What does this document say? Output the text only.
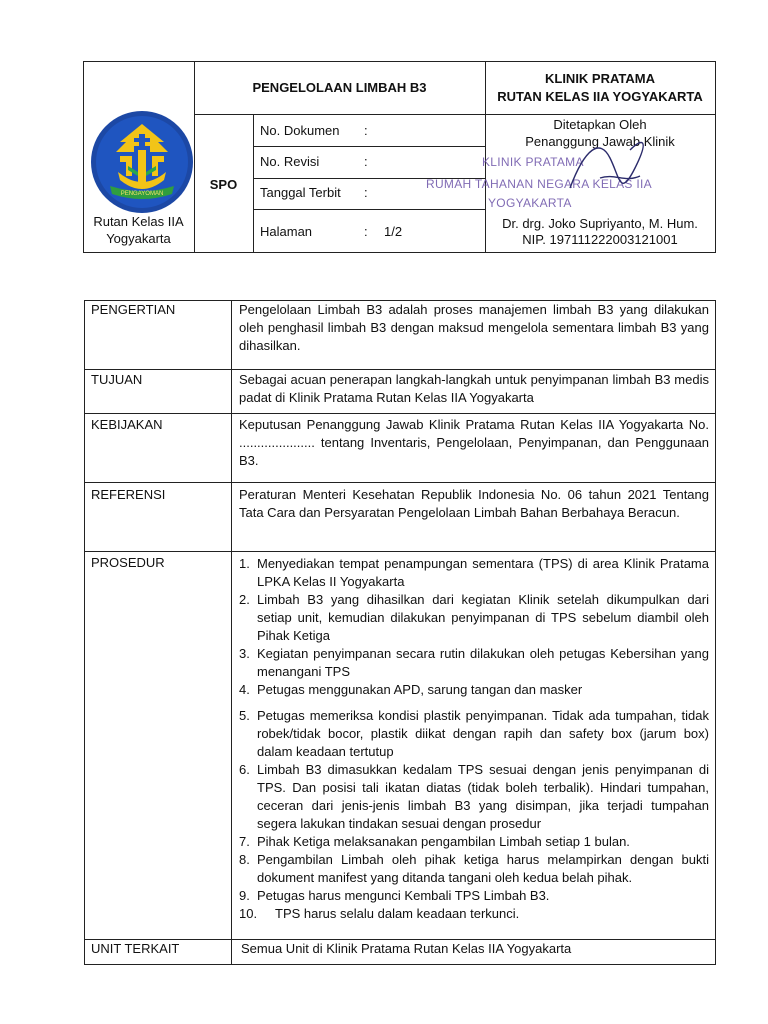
PENGELOLAAN LIMBAH B3
KLINIK PRATAMA
RUTAN KELAS IIA YOGYAKARTA
PENGAYOMAN
Rutan Kelas IIA
Yogyakarta
SPO
No. Dokumen :
No. Revisi	:
Tanggal Terbit :
Halaman	: 1/2
Ditetapkan Oleh
Penanggung Jawab Klinik
KLINIK PRATAMA
RUMAH TAHANAN NEGARA KELAS IIA
YOGYAKARTA
Dr. drg. Joko Supriyanto, M. Hum.
NIP. 197111222003121001
PENGERTIAN	Pengelolaan Limbah B3 adalah proses manajemen limbah B3 yang dilakukan oleh penghasil limbah B3 dengan maksud mengelola sementara limbah B3 yang dihasilkan.
TUJUAN	Sebagai acuan penerapan langkah-langkah untuk penyimpanan limbah B3 medis padat di Klinik Pratama Rutan Kelas IIA Yogyakarta
KEBIJAKAN	Keputusan Penanggung Jawab Klinik Pratama Rutan Kelas IIA Yogyakarta No. ..................... tentang Inventaris, Pengelolaan, Penyimpanan, dan Penggunaan B3.
REFERENSI	Peraturan Menteri Kesehatan Republik Indonesia No. 06 tahun 2021 Tentang Tata Cara dan Persyaratan Pengelolaan Limbah Bahan Berbahaya Beracun.
PROSEDUR	1. Menyediakan tempat penampungan sementara (TPS) di area Klinik Pratama LPKA Kelas II Yogyakarta
2. Limbah B3 yang dihasilkan dari kegiatan Klinik setelah dikumpulkan dari setiap unit, kemudian dilakukan penyimpanan di TPS sebelum diambil oleh Pihak Ketiga
3. Kegiatan penyimpanan secara rutin dilakukan oleh petugas Kebersihan yang menangani TPS
4. Petugas menggunakan APD, sarung tangan dan masker
5. Petugas memeriksa kondisi plastik penyimpanan. Tidak ada tumpahan, tidak robek/tidak bocor, plastik diikat dengan rapih dan safety box (jarum box) dalam keadaan tertutup
6. Limbah B3 dimasukkan kedalam TPS sesuai dengan jenis penyimpanan di TPS. Dan posisi tali ikatan diatas (tidak boleh terbalik). Hindari tumpahan, ceceran dari jenis-jenis limbah B3 yang disimpan, jika terjadi tumpahan segera lakukan tindakan sesuai dengan prosedur
7. Pihak Ketiga melaksanakan pengambilan Limbah setiap 1 bulan.
8. Pengambilan Limbah oleh pihak ketiga harus melampirkan dengan bukti dokument manifest yang ditanda tangani oleh kedua belah pihak.
9. Petugas harus mengunci Kembali TPS Limbah B3.
10. TPS harus selalu dalam keadaan terkunci.
UNIT TERKAIT	Semua Unit di Klinik Pratama Rutan Kelas IIA Yogyakarta
